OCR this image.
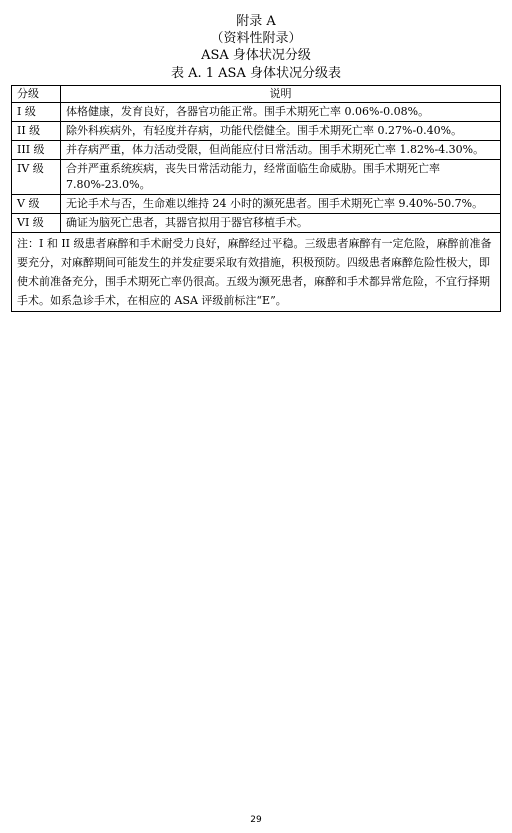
附录 A
（资料性附录）
ASA 身体状况分级
表 A. 1 ASA 身体状况分级表
分级	说明
I 级	体格健康，发育良好，各器官功能正常。围手术期死亡率 0.06%-0.08%。
II 级	除外科疾病外，有轻度并存病，功能代偿健全。围手术期死亡率 0.27%-0.40%。
III 级	并存病严重，体力活动受限，但尚能应付日常活动。围手术期死亡率 1.82%-4.30%。
IV 级	合并严重系统疾病，丧失日常活动能力，经常面临生命威胁。围手术期死亡率 7.80%-23.0%。
V 级	无论手术与否，生命难以维持 24 小时的濒死患者。围手术期死亡率 9.40%-50.7%。
VI 级	确证为脑死亡患者，其器官拟用于器官移植手术。
注：I 和 II 级患者麻醉和手术耐受力良好，麻醉经过平稳。三级患者麻醉有一定危险，麻醉前准备要充分，对麻醉期间可能发生的并发症要采取有效措施，积极预防。四级患者麻醉危险性极大，即使术前准备充分，围手术期死亡率仍很高。五级为濒死患者，麻醉和手术都异常危险，不宜行择期手术。如系急诊手术，在相应的 ASA 评级前标注“E”。	
29
